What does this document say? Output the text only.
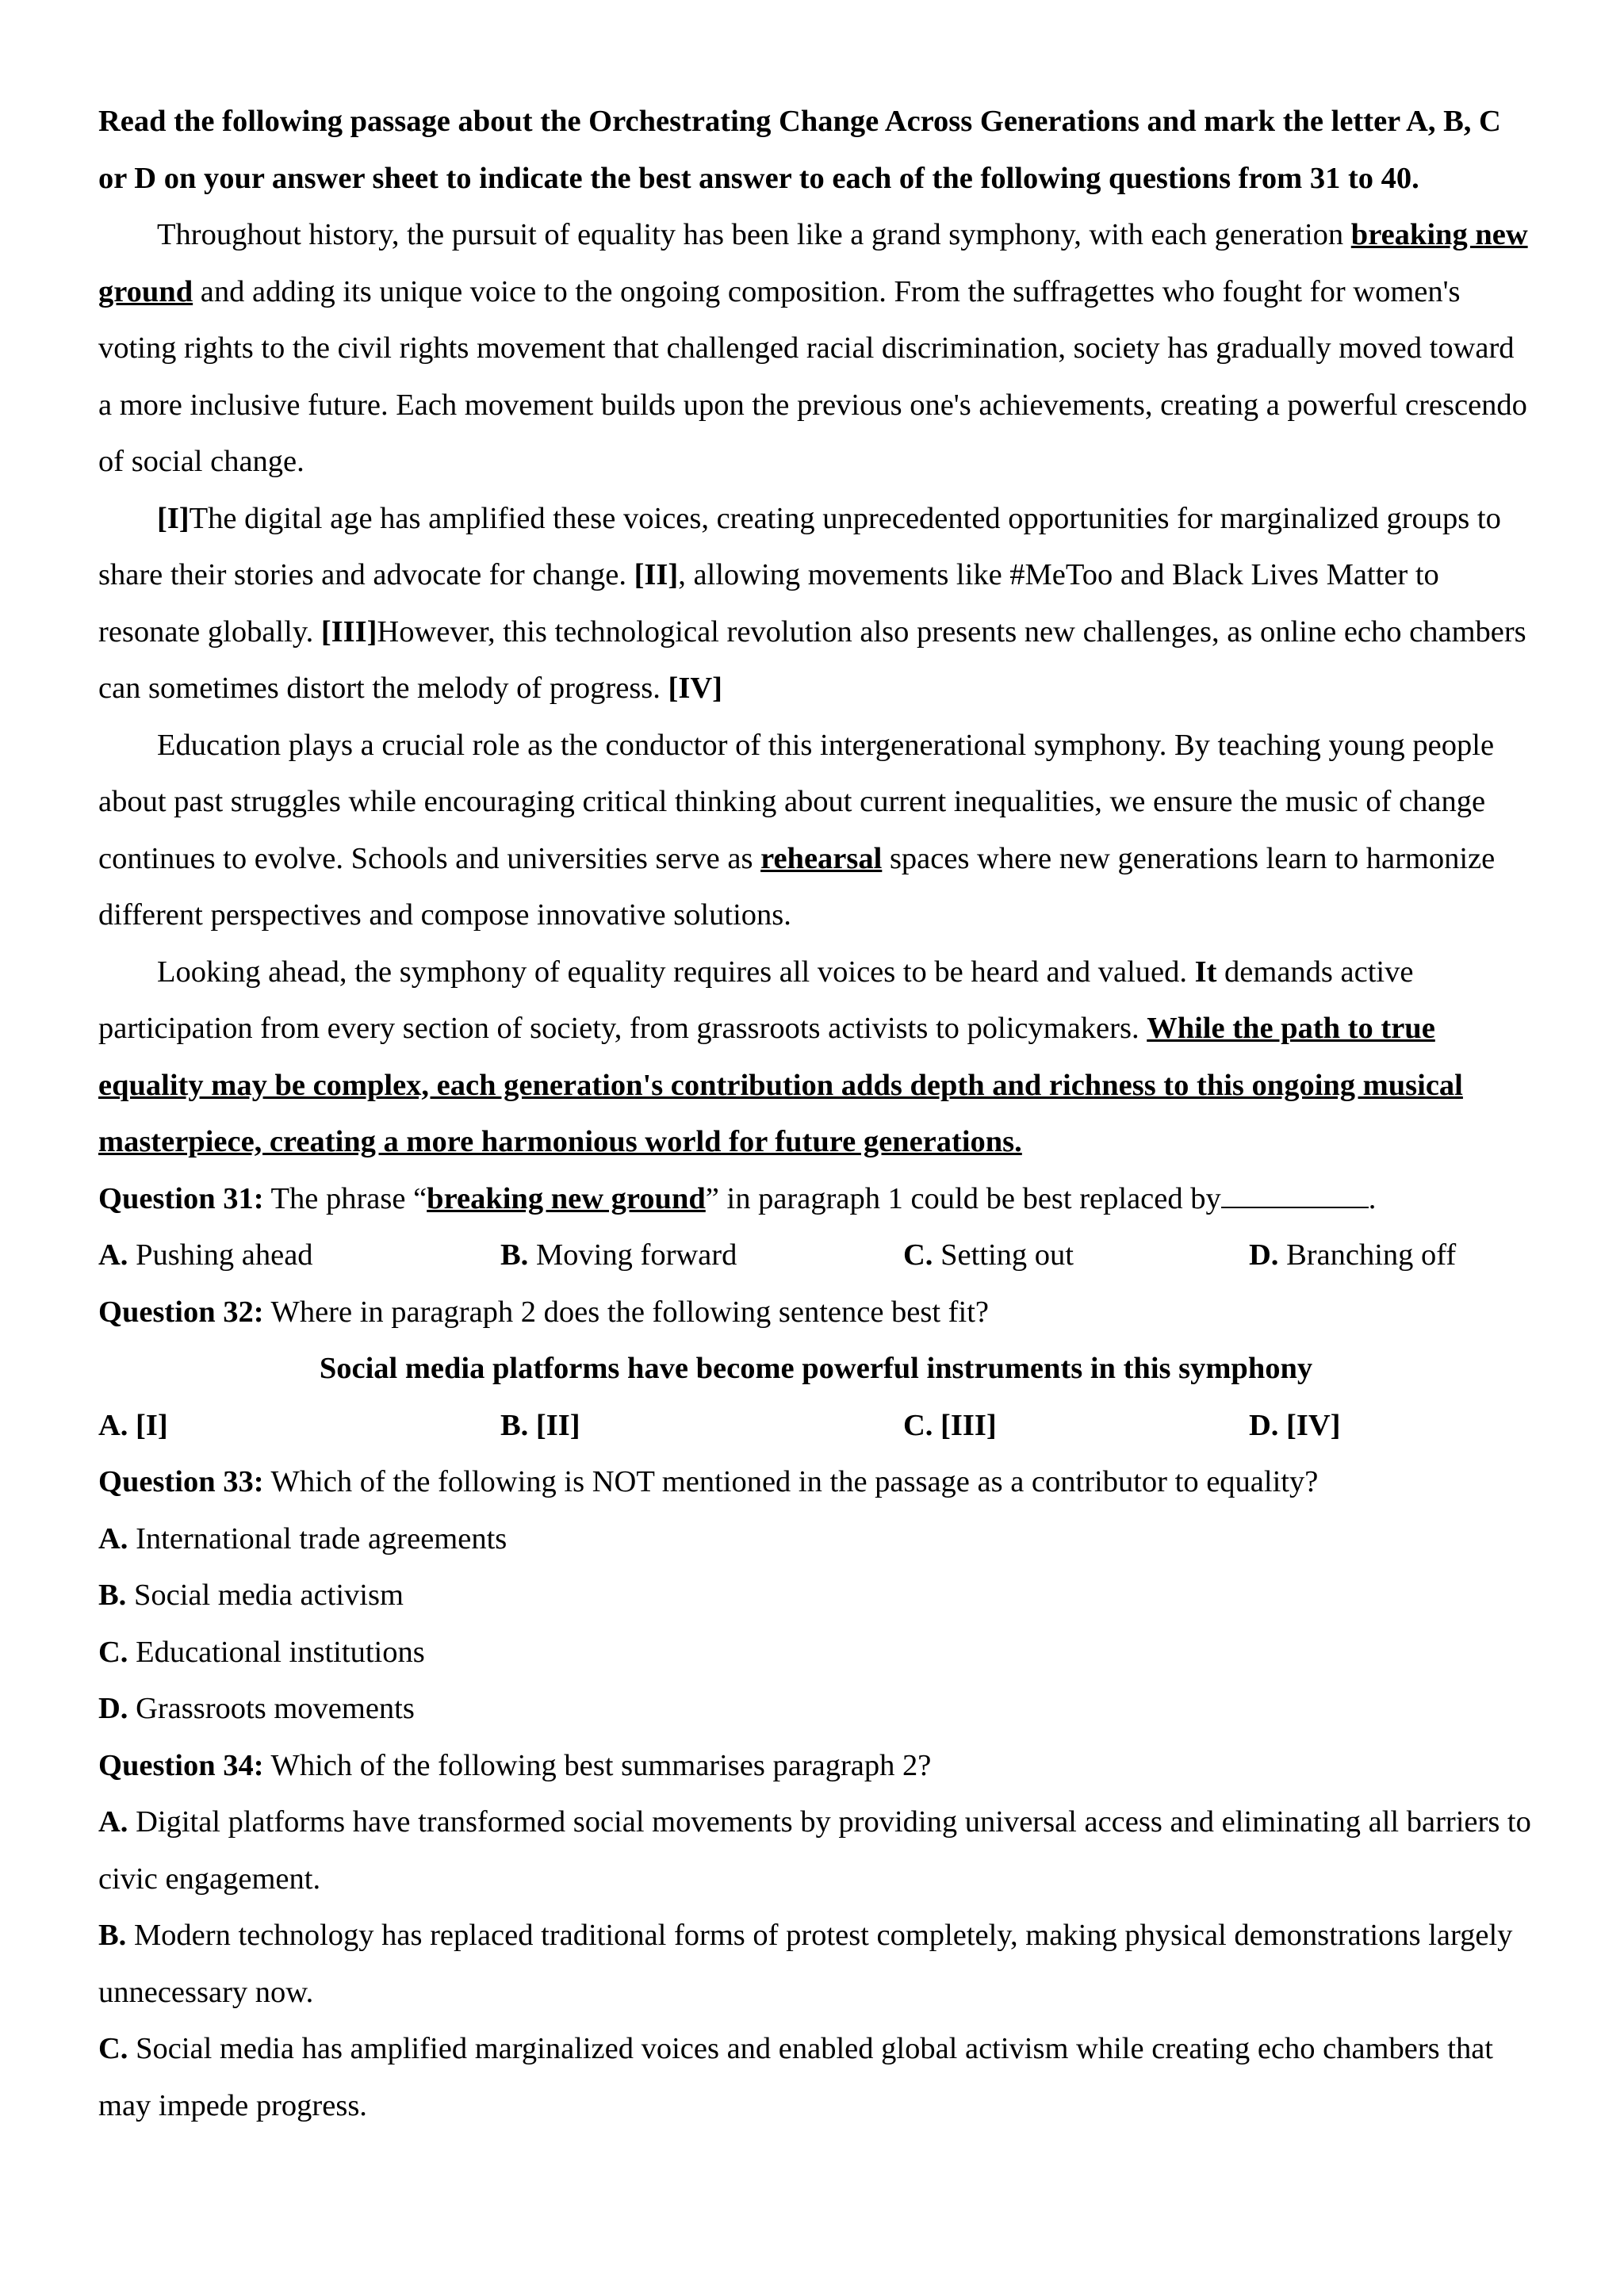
Read the following passage about the Orchestrating Change Across Generations and mark the letter A, B, C or D on your answer sheet to indicate the best answer to each of the following questions from 31 to 40.

Throughout history, the pursuit of equality has been like a grand symphony, with each generation breaking new ground and adding its unique voice to the ongoing composition. From the suffragettes who fought for women's voting rights to the civil rights movement that challenged racial discrimination, society has gradually moved toward a more inclusive future. Each movement builds upon the previous one's achievements, creating a powerful crescendo of social change.

[I]The digital age has amplified these voices, creating unprecedented opportunities for marginalized groups to share their stories and advocate for change. [II], allowing movements like #MeToo and Black Lives Matter to resonate globally. [III]However, this technological revolution also presents new challenges, as online echo chambers can sometimes distort the melody of progress. [IV]

Education plays a crucial role as the conductor of this intergenerational symphony. By teaching young people about past struggles while encouraging critical thinking about current inequalities, we ensure the music of change continues to evolve. Schools and universities serve as rehearsal spaces where new generations learn to harmonize different perspectives and compose innovative solutions.

Looking ahead, the symphony of equality requires all voices to be heard and valued. It demands active participation from every section of society, from grassroots activists to policymakers. While the path to true equality may be complex, each generation's contribution adds depth and richness to this ongoing musical masterpiece, creating a more harmonious world for future generations.

Question 31: The phrase “breaking new ground” in paragraph 1 could be best replaced by	.
A. Pushing ahead	B. Moving forward	C. Setting out	D. Branching off
Question 32: Where in paragraph 2 does the following sentence best fit?
Social media platforms have become powerful instruments in this symphony
A. [I]	B. [II]	C. [III]	D. [IV]
Question 33: Which of the following is NOT mentioned in the passage as a contributor to equality?
A. International trade agreements
B. Social media activism
C. Educational institutions
D. Grassroots movements
Question 34: Which of the following best summarises paragraph 2?
A. Digital platforms have transformed social movements by providing universal access and eliminating all barriers to civic engagement.
B. Modern technology has replaced traditional forms of protest completely, making physical demonstrations largely unnecessary now.
C. Social media has amplified marginalized voices and enabled global activism while creating echo chambers that may impede progress.
